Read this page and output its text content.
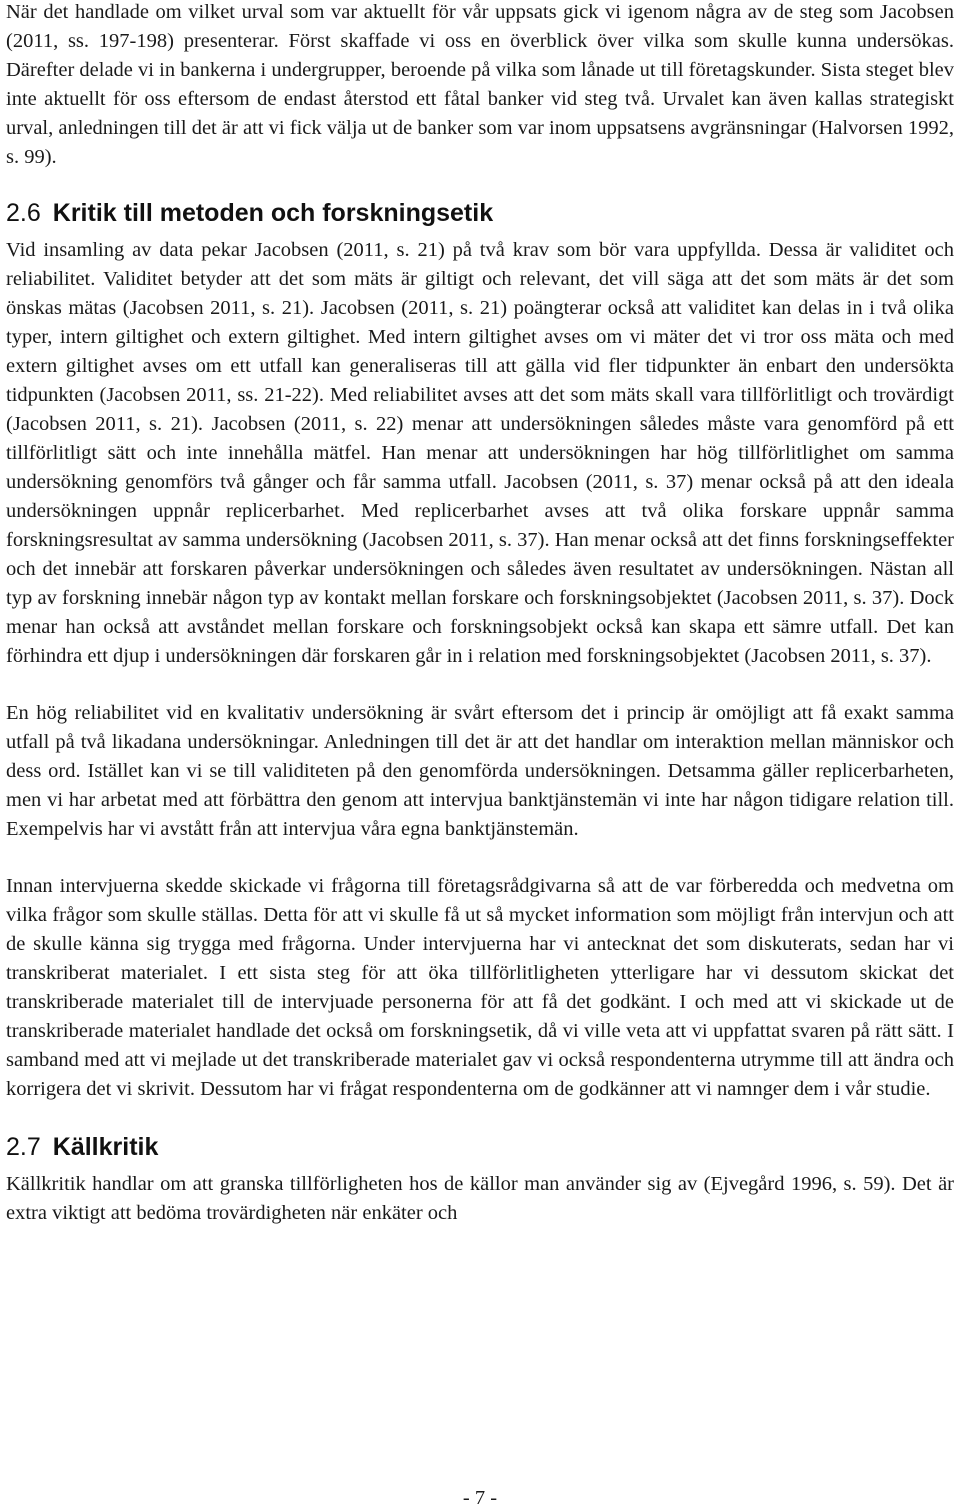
När det handlade om vilket urval som var aktuellt för vår uppsats gick vi igenom några av de steg som Jacobsen (2011, ss. 197-198) presenterar. Först skaffade vi oss en överblick över vilka som skulle kunna undersökas. Därefter delade vi in bankerna i undergrupper, beroende på vilka som lånade ut till företagskunder. Sista steget blev inte aktuellt för oss eftersom de endast återstod ett fåtal banker vid steg två. Urvalet kan även kallas strategiskt urval, anledningen till det är att vi fick välja ut de banker som var inom uppsatsens avgränsningar (Halvorsen 1992, s. 99).

2.6 Kritik till metoden och forskningsetik

Vid insamling av data pekar Jacobsen (2011, s. 21) på två krav som bör vara uppfyllda. Dessa är validitet och reliabilitet. Validitet betyder att det som mäts är giltigt och relevant, det vill säga att det som mäts är det som önskas mätas (Jacobsen 2011, s. 21). Jacobsen (2011, s. 21) poängterar också att validitet kan delas in i två olika typer, intern giltighet och extern giltighet. Med intern giltighet avses om vi mäter det vi tror oss mäta och med extern giltighet avses om ett utfall kan generaliseras till att gälla vid fler tidpunkter än enbart den undersökta tidpunkten (Jacobsen 2011, ss. 21-22). Med reliabilitet avses att det som mäts skall vara tillförlitligt och trovärdigt (Jacobsen 2011, s. 21). Jacobsen (2011, s. 22) menar att undersökningen således måste vara genomförd på ett tillförlitligt sätt och inte innehålla mätfel. Han menar att undersökningen har hög tillförlitlighet om samma undersökning genomförs två gånger och får samma utfall. Jacobsen (2011, s. 37) menar också på att den ideala undersökningen uppnår replicerbarhet. Med replicerbarhet avses att två olika forskare uppnår samma forskningsresultat av samma undersökning (Jacobsen 2011, s. 37). Han menar också att det finns forskningseffekter och det innebär att forskaren påverkar undersökningen och således även resultatet av undersökningen. Nästan all typ av forskning innebär någon typ av kontakt mellan forskare och forskningsobjektet (Jacobsen 2011, s. 37). Dock menar han också att avståndet mellan forskare och forskningsobjekt också kan skapa ett sämre utfall. Det kan förhindra ett djup i undersökningen där forskaren går in i relation med forskningsobjektet (Jacobsen 2011, s. 37).

En hög reliabilitet vid en kvalitativ undersökning är svårt eftersom det i princip är omöjligt att få exakt samma utfall på två likadana undersökningar. Anledningen till det är att det handlar om interaktion mellan människor och dess ord. Istället kan vi se till validiteten på den genomförda undersökningen. Detsamma gäller replicerbarheten, men vi har arbetat med att förbättra den genom att intervjua banktjänstemän vi inte har någon tidigare relation till. Exempelvis har vi avstått från att intervjua våra egna banktjänstemän.

Innan intervjuerna skedde skickade vi frågorna till företagsrådgivarna så att de var förberedda och medvetna om vilka frågor som skulle ställas. Detta för att vi skulle få ut så mycket information som möjligt från intervjun och att de skulle känna sig trygga med frågorna. Under intervjuerna har vi antecknat det som diskuterats, sedan har vi transkriberat materialet. I ett sista steg för att öka tillförlitligheten ytterligare har vi dessutom skickat det transkriberade materialet till de intervjuade personerna för att få det godkänt. I och med att vi skickade ut de transkriberade materialet handlade det också om forskningsetik, då vi ville veta att vi uppfattat svaren på rätt sätt. I samband med att vi mejlade ut det transkriberade materialet gav vi också respondenterna utrymme till att ändra och korrigera det vi skrivit. Dessutom har vi frågat respondenterna om de godkänner att vi namnger dem i vår studie.

2.7 Källkritik

Källkritik handlar om att granska tillförligheten hos de källor man använder sig av (Ejvegård 1996, s. 59). Det är extra viktigt att bedöma trovärdigheten när enkäter och

- 7 -
